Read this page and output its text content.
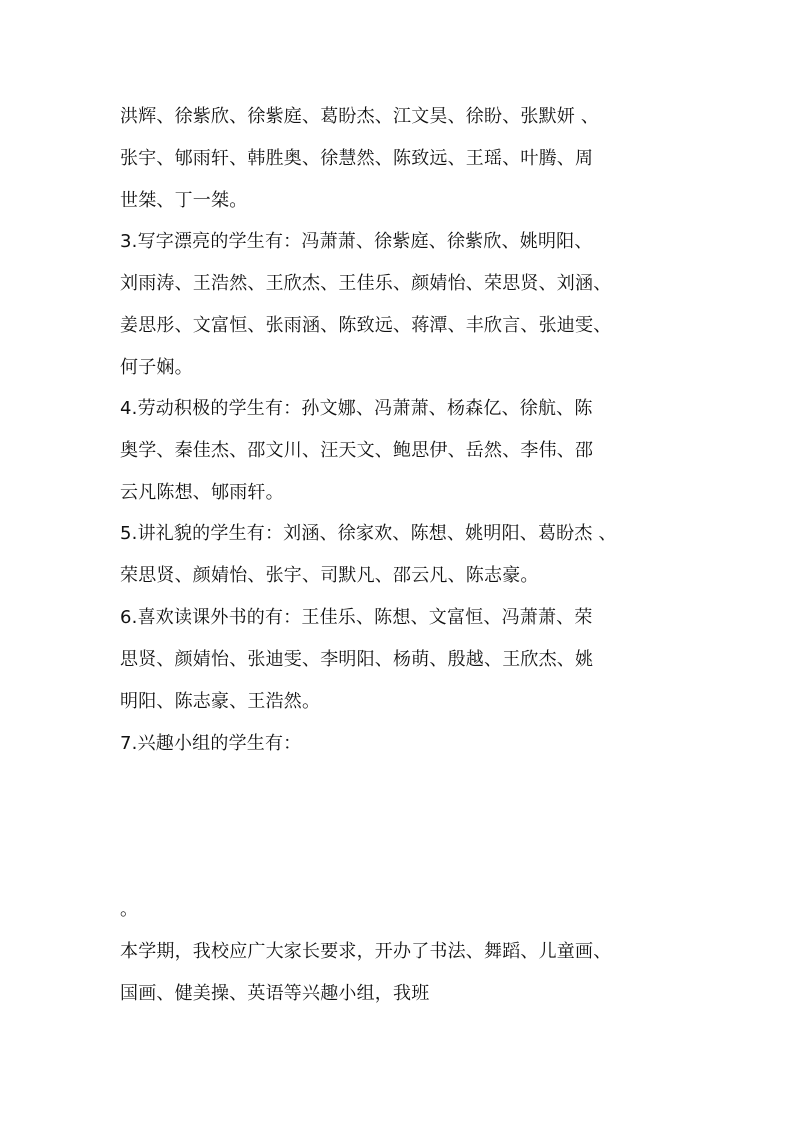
洪辉、徐紫欣、徐紫庭、葛盼杰、江文昊、徐盼、张默妍 、
张宇、郇雨轩、韩胜奥、徐慧然、陈致远、王瑶、叶腾、周
世桀、丁一桀。
3.写字漂亮的学生有：冯萧萧、徐紫庭、徐紫欣、姚明阳、
刘雨涛、王浩然、王欣杰、王佳乐、颜婧怡、荣思贤、刘涵、
姜思彤、文富恒、张雨涵、陈致远、蒋潭、丰欣言、张迪雯、
何子娴。
4.劳动积极的学生有：孙文娜、冯萧萧、杨森亿、徐航、陈
奥学、秦佳杰、邵文川、汪天文、鲍思伊、岳然、李伟、邵
云凡陈想、郇雨轩。
5.讲礼貌的学生有：刘涵、徐家欢、陈想、姚明阳、葛盼杰 、
荣思贤、颜婧怡、张宇、司默凡、邵云凡、陈志豪。
6.喜欢读课外书的有：王佳乐、陈想、文富恒、冯萧萧、荣
思贤、颜婧怡、张迪雯、李明阳、杨萌、殷越、王欣杰、姚
明阳、陈志豪、王浩然。
7.兴趣小组的学生有：
。
本学期，我校应广大家长要求，开办了书法、舞蹈、儿童画、
国画、健美操、英语等兴趣小组，我班
